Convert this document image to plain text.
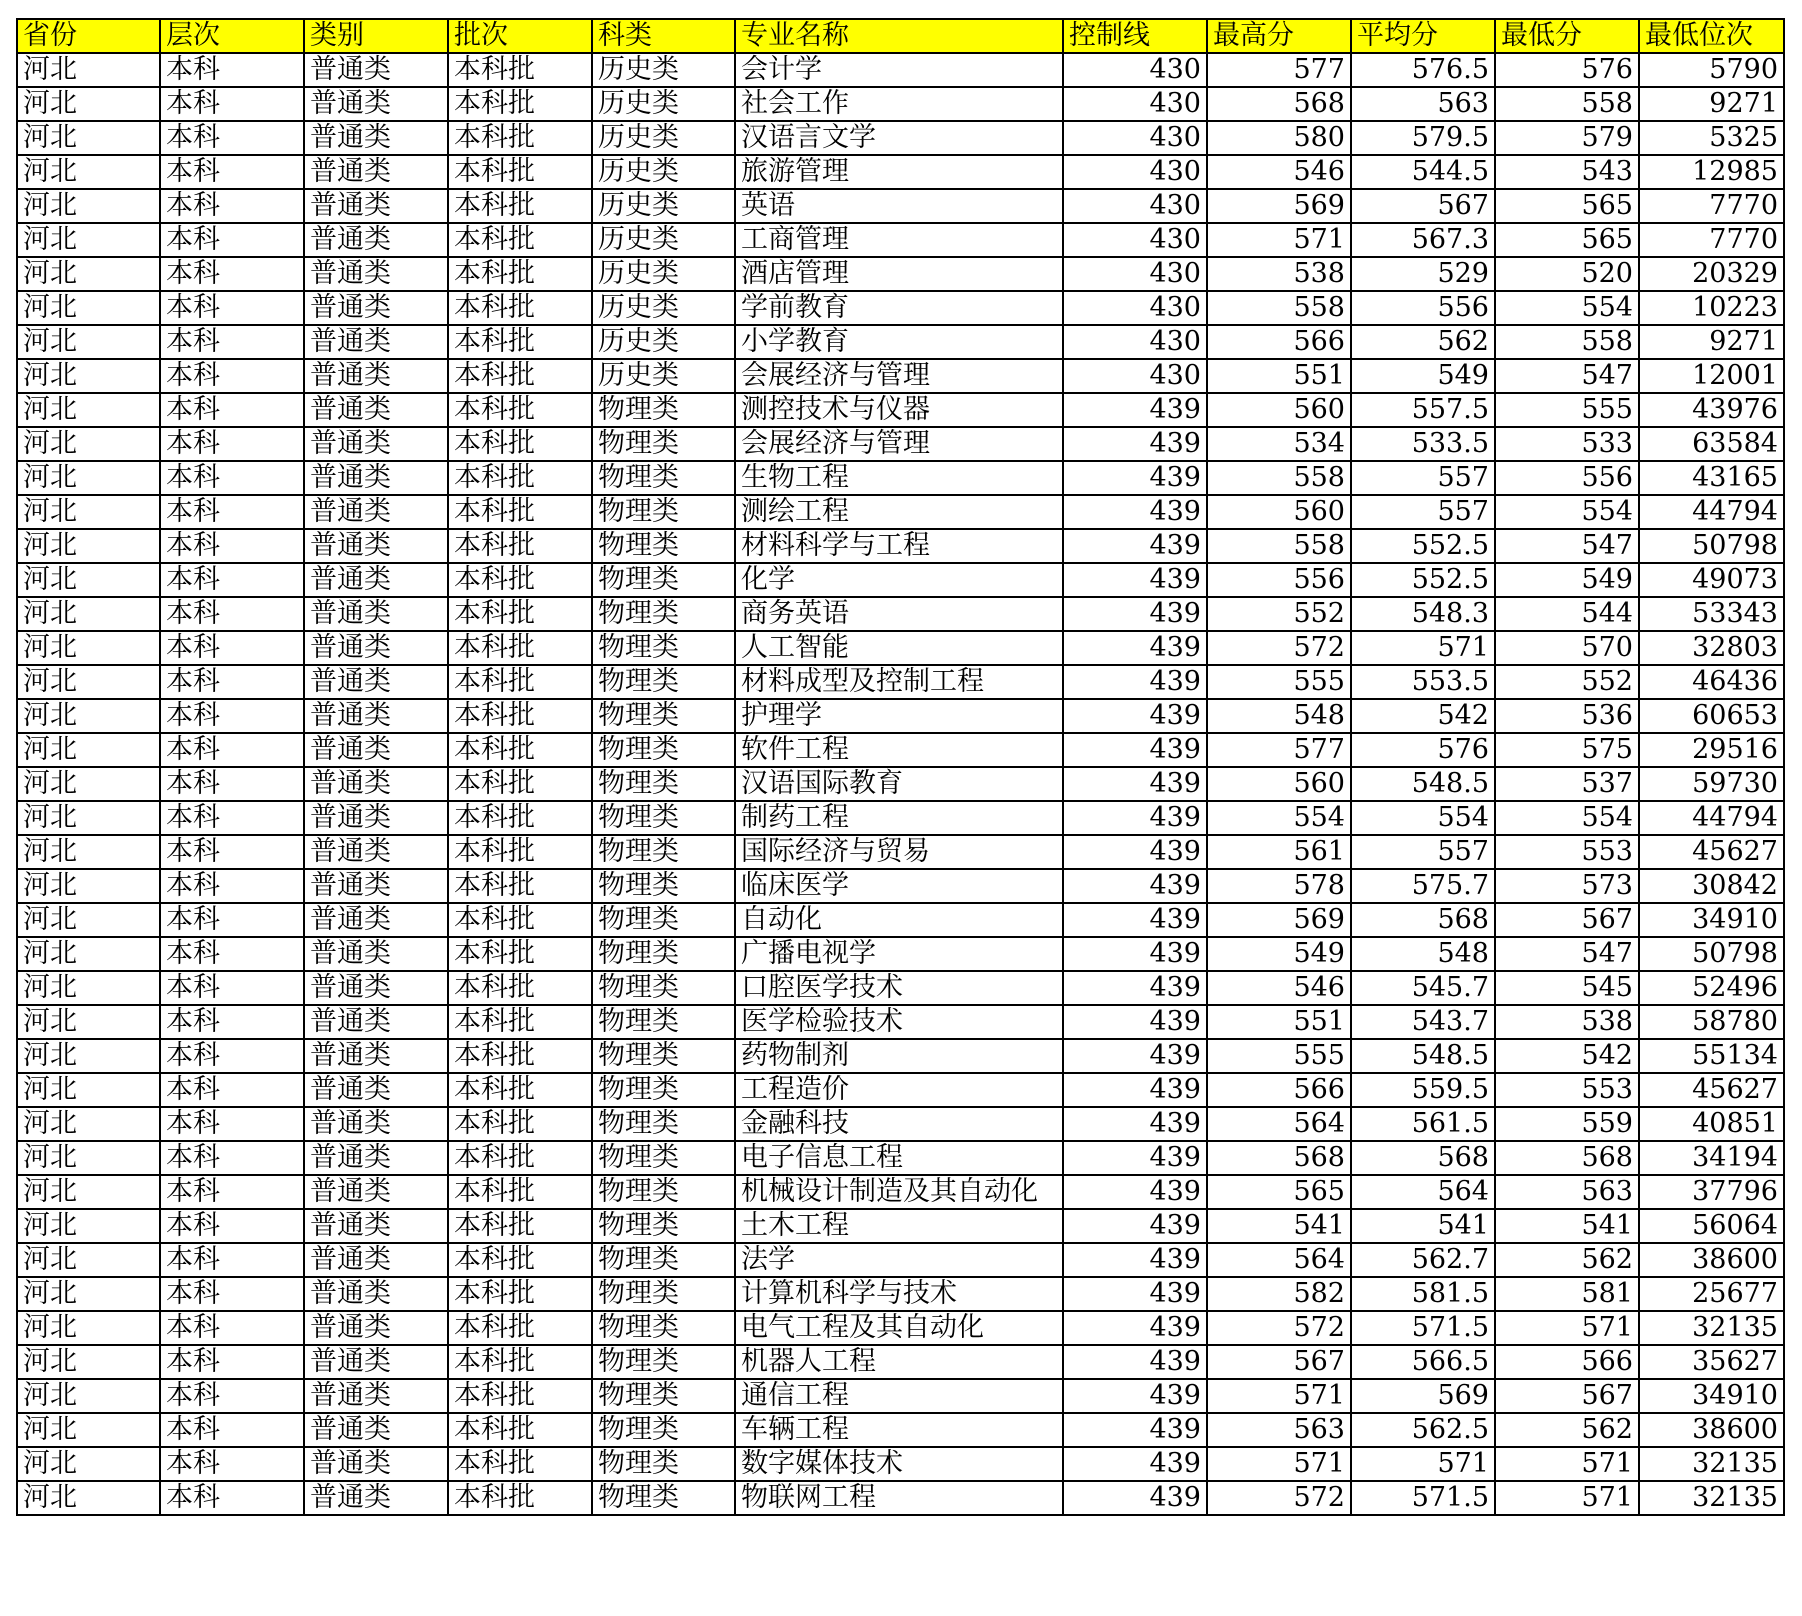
省份	层次	类别	批次	科类	专业名称	控制线	最高分	平均分	最低分	最低位次
河北	本科	普通类	本科批	历史类	会计学	430	577	576.5	576	5790
河北	本科	普通类	本科批	历史类	社会工作	430	568	563	558	9271
河北	本科	普通类	本科批	历史类	汉语言文学	430	580	579.5	579	5325
河北	本科	普通类	本科批	历史类	旅游管理	430	546	544.5	543	12985
河北	本科	普通类	本科批	历史类	英语	430	569	567	565	7770
河北	本科	普通类	本科批	历史类	工商管理	430	571	567.3	565	7770
河北	本科	普通类	本科批	历史类	酒店管理	430	538	529	520	20329
河北	本科	普通类	本科批	历史类	学前教育	430	558	556	554	10223
河北	本科	普通类	本科批	历史类	小学教育	430	566	562	558	9271
河北	本科	普通类	本科批	历史类	会展经济与管理	430	551	549	547	12001
河北	本科	普通类	本科批	物理类	测控技术与仪器	439	560	557.5	555	43976
河北	本科	普通类	本科批	物理类	会展经济与管理	439	534	533.5	533	63584
河北	本科	普通类	本科批	物理类	生物工程	439	558	557	556	43165
河北	本科	普通类	本科批	物理类	测绘工程	439	560	557	554	44794
河北	本科	普通类	本科批	物理类	材料科学与工程	439	558	552.5	547	50798
河北	本科	普通类	本科批	物理类	化学	439	556	552.5	549	49073
河北	本科	普通类	本科批	物理类	商务英语	439	552	548.3	544	53343
河北	本科	普通类	本科批	物理类	人工智能	439	572	571	570	32803
河北	本科	普通类	本科批	物理类	材料成型及控制工程	439	555	553.5	552	46436
河北	本科	普通类	本科批	物理类	护理学	439	548	542	536	60653
河北	本科	普通类	本科批	物理类	软件工程	439	577	576	575	29516
河北	本科	普通类	本科批	物理类	汉语国际教育	439	560	548.5	537	59730
河北	本科	普通类	本科批	物理类	制药工程	439	554	554	554	44794
河北	本科	普通类	本科批	物理类	国际经济与贸易	439	561	557	553	45627
河北	本科	普通类	本科批	物理类	临床医学	439	578	575.7	573	30842
河北	本科	普通类	本科批	物理类	自动化	439	569	568	567	34910
河北	本科	普通类	本科批	物理类	广播电视学	439	549	548	547	50798
河北	本科	普通类	本科批	物理类	口腔医学技术	439	546	545.7	545	52496
河北	本科	普通类	本科批	物理类	医学检验技术	439	551	543.7	538	58780
河北	本科	普通类	本科批	物理类	药物制剂	439	555	548.5	542	55134
河北	本科	普通类	本科批	物理类	工程造价	439	566	559.5	553	45627
河北	本科	普通类	本科批	物理类	金融科技	439	564	561.5	559	40851
河北	本科	普通类	本科批	物理类	电子信息工程	439	568	568	568	34194
河北	本科	普通类	本科批	物理类	机械设计制造及其自动化	439	565	564	563	37796
河北	本科	普通类	本科批	物理类	土木工程	439	541	541	541	56064
河北	本科	普通类	本科批	物理类	法学	439	564	562.7	562	38600
河北	本科	普通类	本科批	物理类	计算机科学与技术	439	582	581.5	581	25677
河北	本科	普通类	本科批	物理类	电气工程及其自动化	439	572	571.5	571	32135
河北	本科	普通类	本科批	物理类	机器人工程	439	567	566.5	566	35627
河北	本科	普通类	本科批	物理类	通信工程	439	571	569	567	34910
河北	本科	普通类	本科批	物理类	车辆工程	439	563	562.5	562	38600
河北	本科	普通类	本科批	物理类	数字媒体技术	439	571	571	571	32135
河北	本科	普通类	本科批	物理类	物联网工程	439	572	571.5	571	32135
